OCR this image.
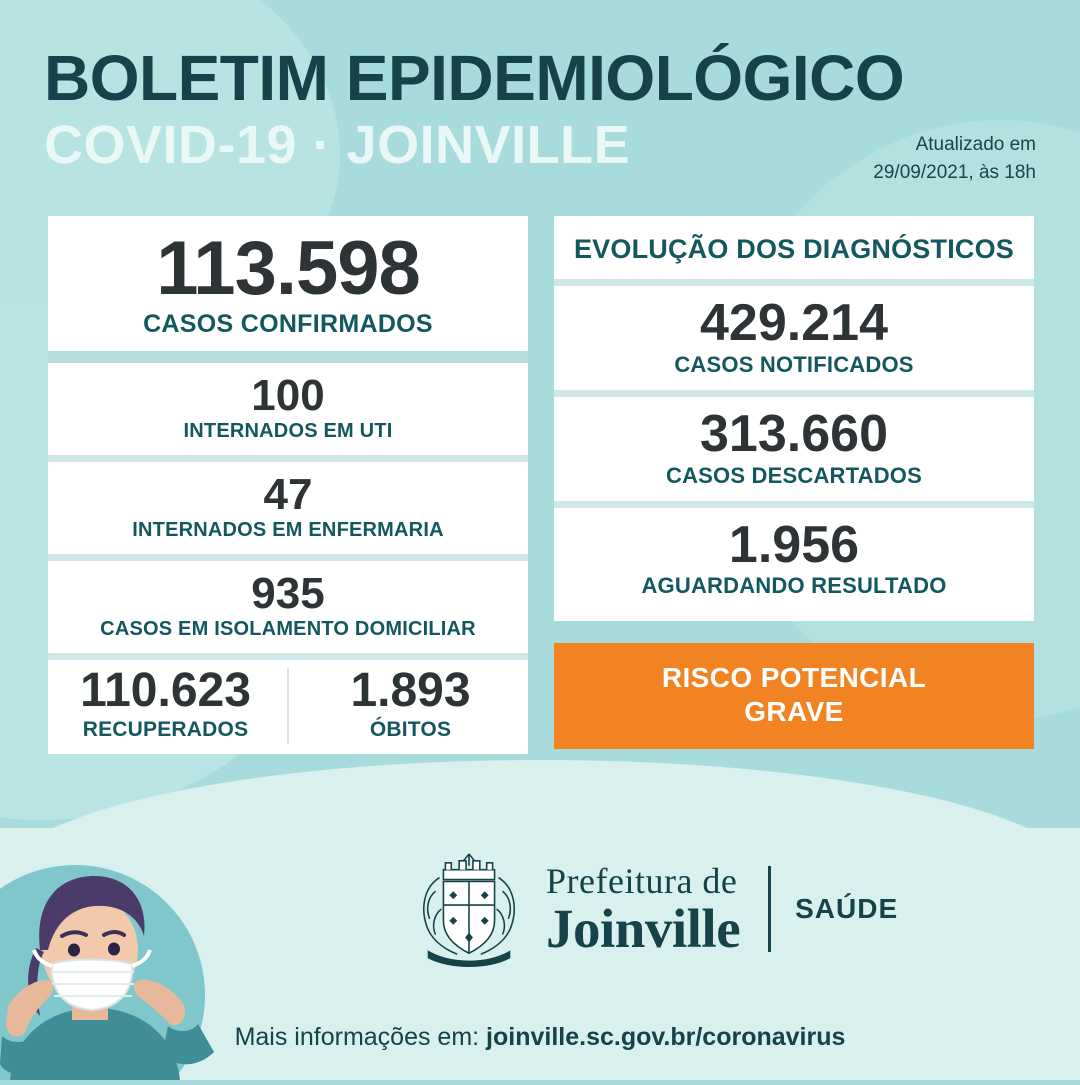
BOLETIM EPIDEMIOLÓGICO
COVID-19 · JOINVILLE	Atualizado em
29/09/2021, às 18h
113.598
CASOS CONFIRMADOS
100
INTERNADOS EM UTI
47
INTERNADOS EM ENFERMARIA
935
CASOS EM ISOLAMENTO DOMICILIAR
110.623
RECUPERADOS
1.893
ÓBITOS
EVOLUÇÃO DOS DIAGNÓSTICOS
429.214
CASOS NOTIFICADOS
313.660
CASOS DESCARTADOS
1.956
AGUARDANDO RESULTADO
RISCO POTENCIAL
GRAVE
Prefeitura de
Joinville SAÚDE
Mais informações em: joinville.sc.gov.br/coronavirus
